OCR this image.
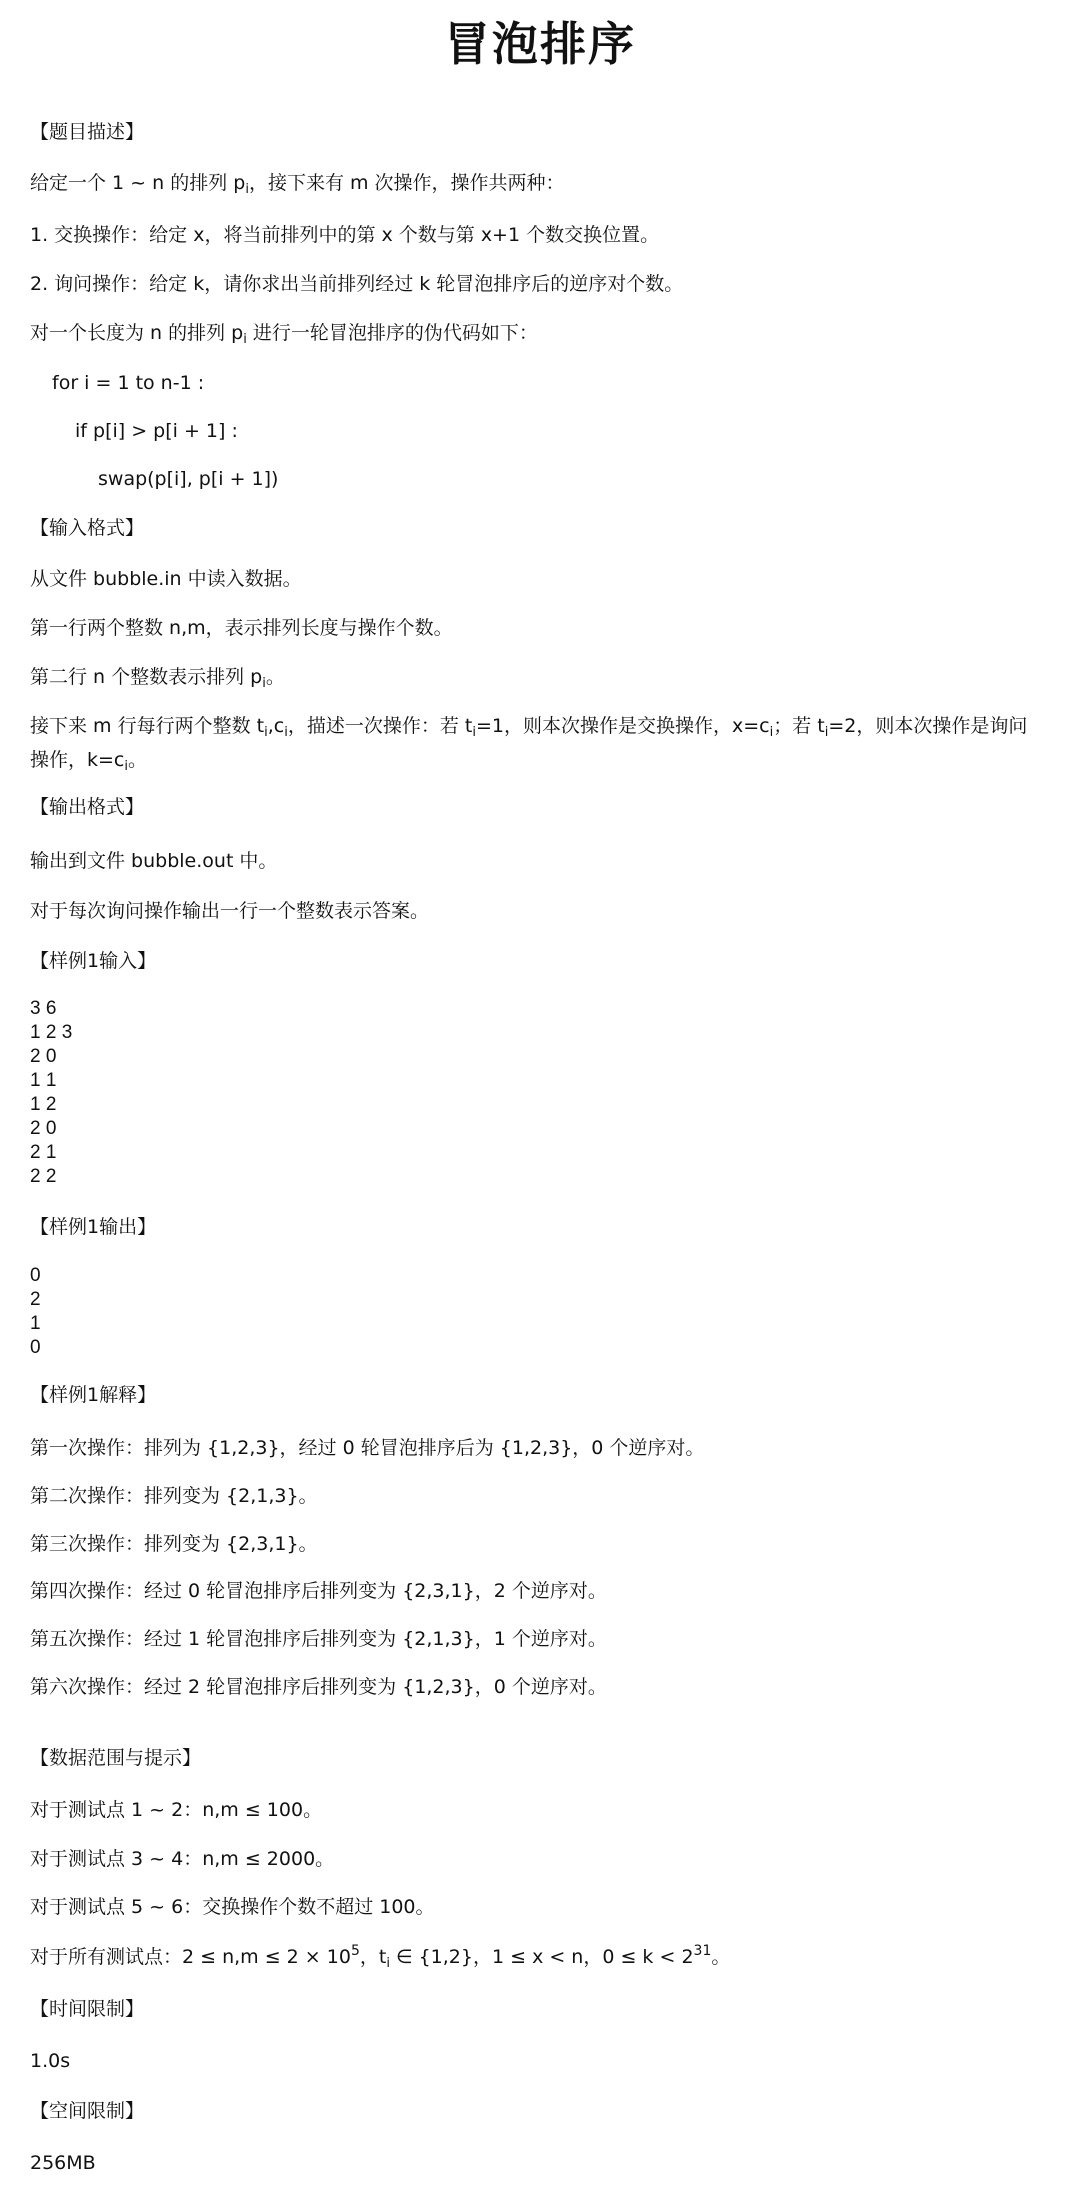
冒泡排序
【题目描述】
给定一个 1 ~ n 的排列 $p_i$，接下来有 m 次操作，操作共两种：
1. 交换操作：给定 x，将当前排列中的第 x 个数与第 x+1 个数交换位置。
2. 询问操作：给定 k，请你求出当前排列经过 k 轮冒泡排序后的逆序对个数。
对一个长度为 n 的排列 $p_i$ 进行一轮冒泡排序的伪代码如下：
for i = 1 to n-1 :
if p[i] > p[i + 1] :
swap(p[i], p[i + 1])
【输入格式】
从文件 bubble.in 中读入数据。
第一行两个整数 n,m，表示排列长度与操作个数。
第二行 n 个整数表示排列 $p_i$。
接下来 m 行每行两个整数 $t_i,c_i$，描述一次操作：若 $t_i=1$，则本次操作是交换操作，$x=c_i$；若 $t_i=2$，则本次操作是询问操作，$k=c_i$。
【输出格式】
输出到文件 bubble.out 中。
对于每次询问操作输出一行一个整数表示答案。
【样例1输入】
3 6
1 2 3
2 0
1 1
1 2
2 0
2 1
2 2
【样例1输出】
0
2
1
0
【样例1解释】
第一次操作：排列为 {1,2,3}，经过 0 轮冒泡排序后为 {1,2,3}，0 个逆序对。
第二次操作：排列变为 {2,1,3}。
第三次操作：排列变为 {2,3,1}。
第四次操作：经过 0 轮冒泡排序后排列变为 {2,3,1}，2 个逆序对。
第五次操作：经过 1 轮冒泡排序后排列变为 {2,1,3}，1 个逆序对。
第六次操作：经过 2 轮冒泡排序后排列变为 {1,2,3}，0 个逆序对。
【数据范围与提示】
对于测试点 1 ~ 2：n,m ≤ 100。
对于测试点 3 ~ 4：n,m ≤ 2000。
对于测试点 5 ~ 6：交换操作个数不超过 100。
对于所有测试点：$2 \le n,m \le 2 \times 10^5$，$t_i$ ∈ {1,2}，1 ≤ x < n，$0 \le k < 2^{31}$。
【时间限制】
1.0s
【空间限制】
256MB
